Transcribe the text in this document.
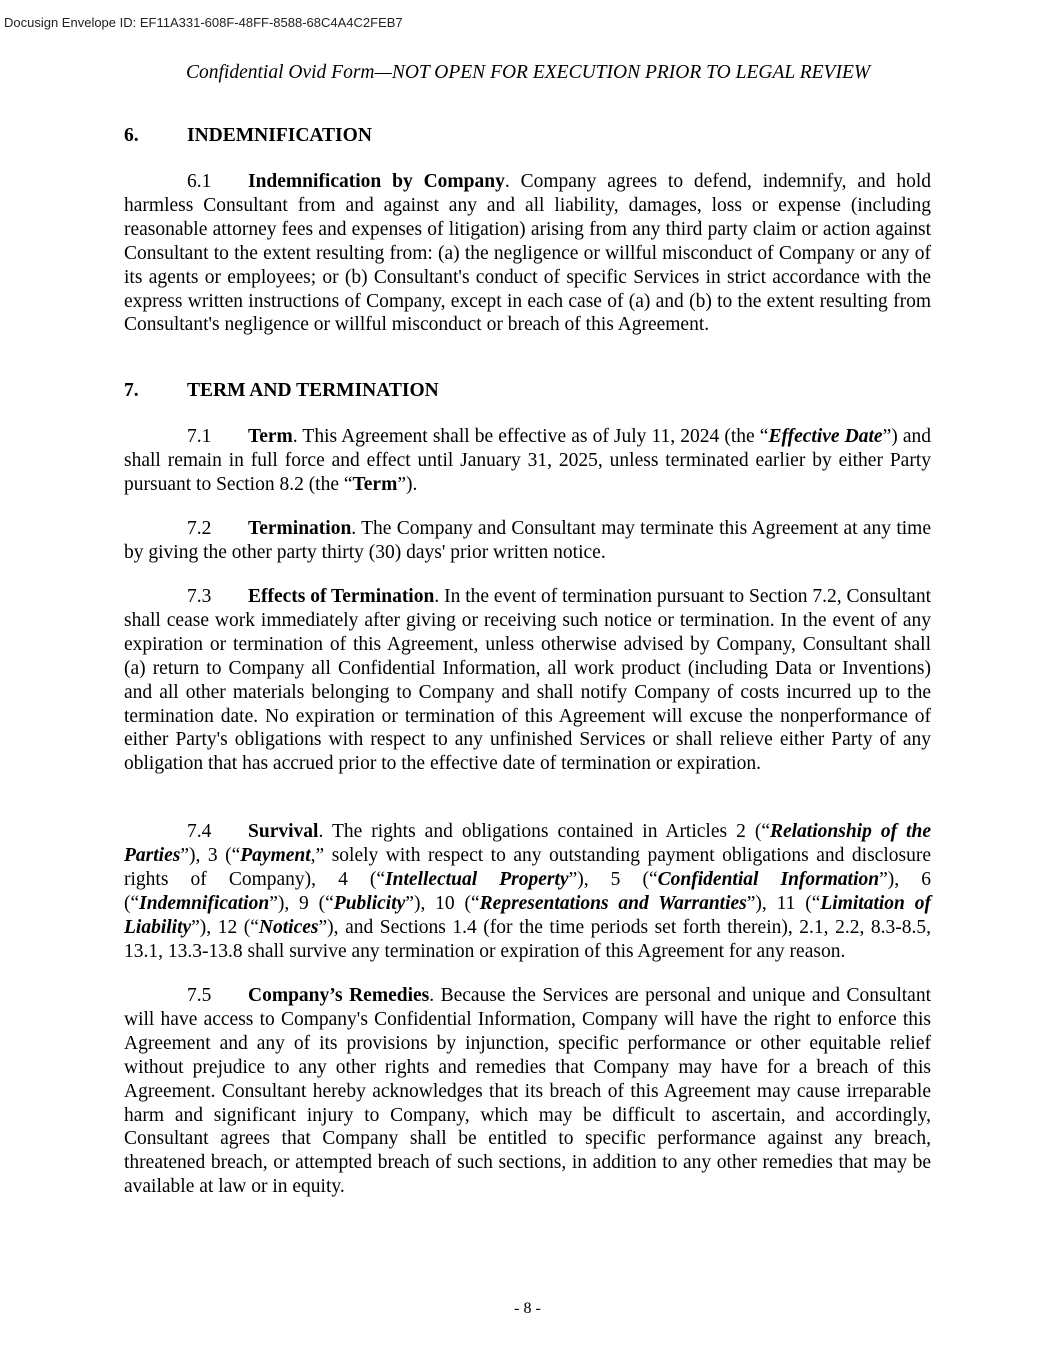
Docusign Envelope ID: EF11A331-608F-48FF-8588-68C4A4C2FEB7
Confidential Ovid Form—NOT OPEN FOR EXECUTION PRIOR TO LEGAL REVIEW
6. INDEMNIFICATION
6.1 Indemnification by Company. Company agrees to defend, indemnify, and hold harmless Consultant from and against any and all liability, damages, loss or expense (including reasonable attorney fees and expenses of litigation) arising from any third party claim or action against Consultant to the extent resulting from: (a) the negligence or willful misconduct of Company or any of its agents or employees; or (b) Consultant's conduct of specific Services in strict accordance with the express written instructions of Company, except in each case of (a) and (b) to the extent resulting from Consultant's negligence or willful misconduct or breach of this Agreement.
7. TERM AND TERMINATION
7.1 Term. This Agreement shall be effective as of July 11, 2024 (the “Effective Date”) and shall remain in full force and effect until January 31, 2025, unless terminated earlier by either Party pursuant to Section 8.2 (the “Term”).
7.2 Termination. The Company and Consultant may terminate this Agreement at any time by giving the other party thirty (30) days' prior written notice.
7.3 Effects of Termination. In the event of termination pursuant to Section 7.2, Consultant shall cease work immediately after giving or receiving such notice or termination. In the event of any expiration or termination of this Agreement, unless otherwise advised by Company, Consultant shall (a) return to Company all Confidential Information, all work product (including Data or Inventions) and all other materials belonging to Company and shall notify Company of costs incurred up to the termination date. No expiration or termination of this Agreement will excuse the nonperformance of either Party's obligations with respect to any unfinished Services or shall relieve either Party of any obligation that has accrued prior to the effective date of termination or expiration.
7.4 Survival. The rights and obligations contained in Articles 2 (“Relationship of the Parties”), 3 (“Payment,” solely with respect to any outstanding payment obligations and disclosure rights of Company), 4 (“Intellectual Property”), 5 (“Confidential Information”), 6 (“Indemnification”), 9 (“Publicity”), 10 (“Representations and Warranties”), 11 (“Limitation of Liability”), 12 (“Notices”), and Sections 1.4 (for the time periods set forth therein), 2.1, 2.2, 8.3-8.5, 13.1, 13.3-13.8 shall survive any termination or expiration of this Agreement for any reason.
7.5 Company’s Remedies. Because the Services are personal and unique and Consultant will have access to Company's Confidential Information, Company will have the right to enforce this Agreement and any of its provisions by injunction, specific performance or other equitable relief without prejudice to any other rights and remedies that Company may have for a breach of this Agreement. Consultant hereby acknowledges that its breach of this Agreement may cause irreparable harm and significant injury to Company, which may be difficult to ascertain, and accordingly, Consultant agrees that Company shall be entitled to specific performance against any breach, threatened breach, or attempted breach of such sections, in addition to any other remedies that may be available at law or in equity.
- 8 -
